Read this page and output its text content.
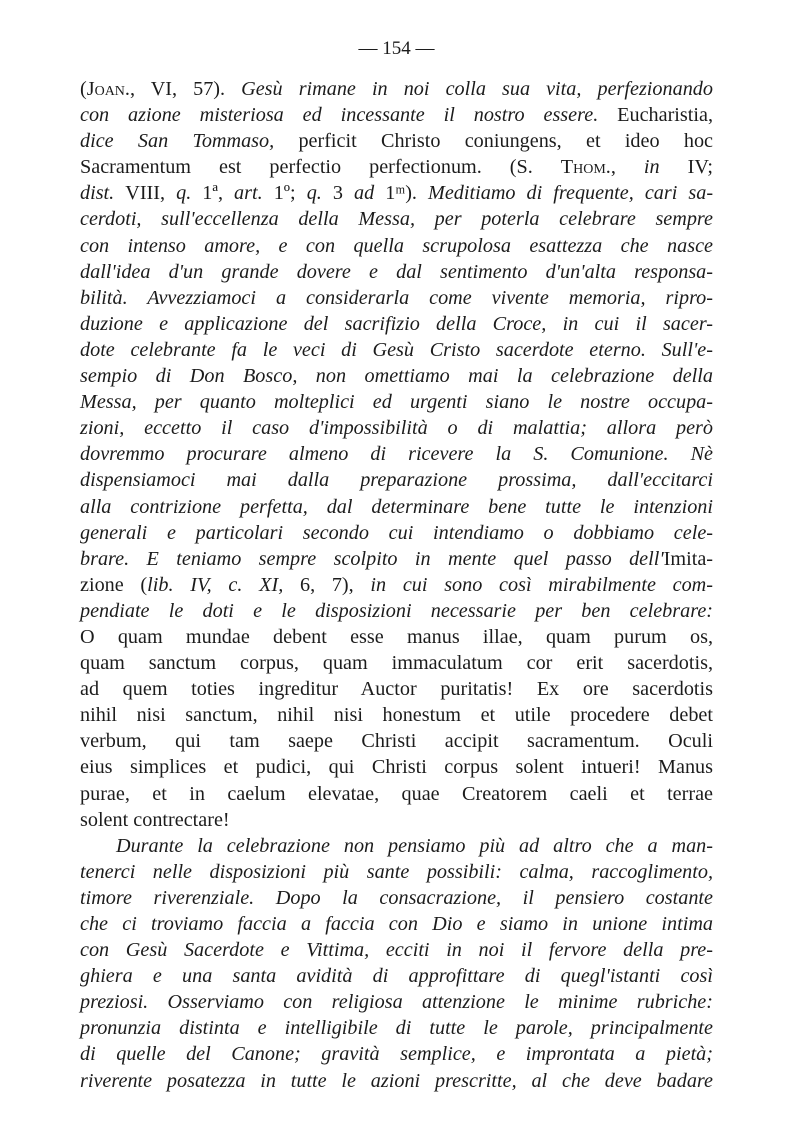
— 154 —
(Joan., VI, 57). Gesù rimane in noi colla sua vita, perfezionando
con azione misteriosa ed incessante il nostro essere. Eucharistia,
dice San Tommaso, perficit Christo coniungens, et ideo hoc
Sacramentum est perfectio perfectionum. (S. Thom., in IV;
dist. VIII, q. 1ª, art. 1º; q. 3 ad 1ᵐ). Meditiamo di frequente, cari sa-
cerdoti, sull'eccellenza della Messa, per poterla celebrare sempre
con intenso amore, e con quella scrupolosa esattezza che nasce
dall'idea d'un grande dovere e dal sentimento d'un'alta responsa-
bilità. Avvezziamoci a considerarla come vivente memoria, ripro-
duzione e applicazione del sacrifizio della Croce, in cui il sacer-
dote celebrante fa le veci di Gesù Cristo sacerdote eterno. Sull'e-
sempio di Don Bosco, non omettiamo mai la celebrazione della
Messa, per quanto molteplici ed urgenti siano le nostre occupa-
zioni, eccetto il caso d'impossibilità o di malattia; allora però
dovremmo procurare almeno di ricevere la S. Comunione. Nè
dispensiamoci mai dalla preparazione prossima, dall'eccitarci
alla contrizione perfetta, dal determinare bene tutte le intenzioni
generali e particolari secondo cui intendiamo o dobbiamo cele-
brare. E teniamo sempre scolpito in mente quel passo dell'Imita-
zione (lib. IV, c. XI, 6, 7), in cui sono così mirabilmente com-
pendiate le doti e le disposizioni necessarie per ben celebrare:
O quam mundae debent esse manus illae, quam purum os,
quam sanctum corpus, quam immaculatum cor erit sacerdotis,
ad quem toties ingreditur Auctor puritatis! Ex ore sacerdotis
nihil nisi sanctum, nihil nisi honestum et utile procedere debet
verbum, qui tam saepe Christi accipit sacramentum. Oculi
eius simplices et pudici, qui Christi corpus solent intueri! Manus
purae, et in caelum elevatae, quae Creatorem caeli et terrae
solent contrectare!
Durante la celebrazione non pensiamo più ad altro che a man-
tenerci nelle disposizioni più sante possibili: calma, raccoglimento,
timore riverenziale. Dopo la consacrazione, il pensiero costante
che ci troviamo faccia a faccia con Dio e siamo in unione intima
con Gesù Sacerdote e Vittima, ecciti in noi il fervore della pre-
ghiera e una santa avidità di approfittare di quegl'istanti così
preziosi. Osserviamo con religiosa attenzione le minime rubriche:
pronunzia distinta e intelligibile di tutte le parole, principalmente
di quelle del Canone; gravità semplice, e improntata a pietà;
riverente posatezza in tutte le azioni prescritte, al che deve badare
